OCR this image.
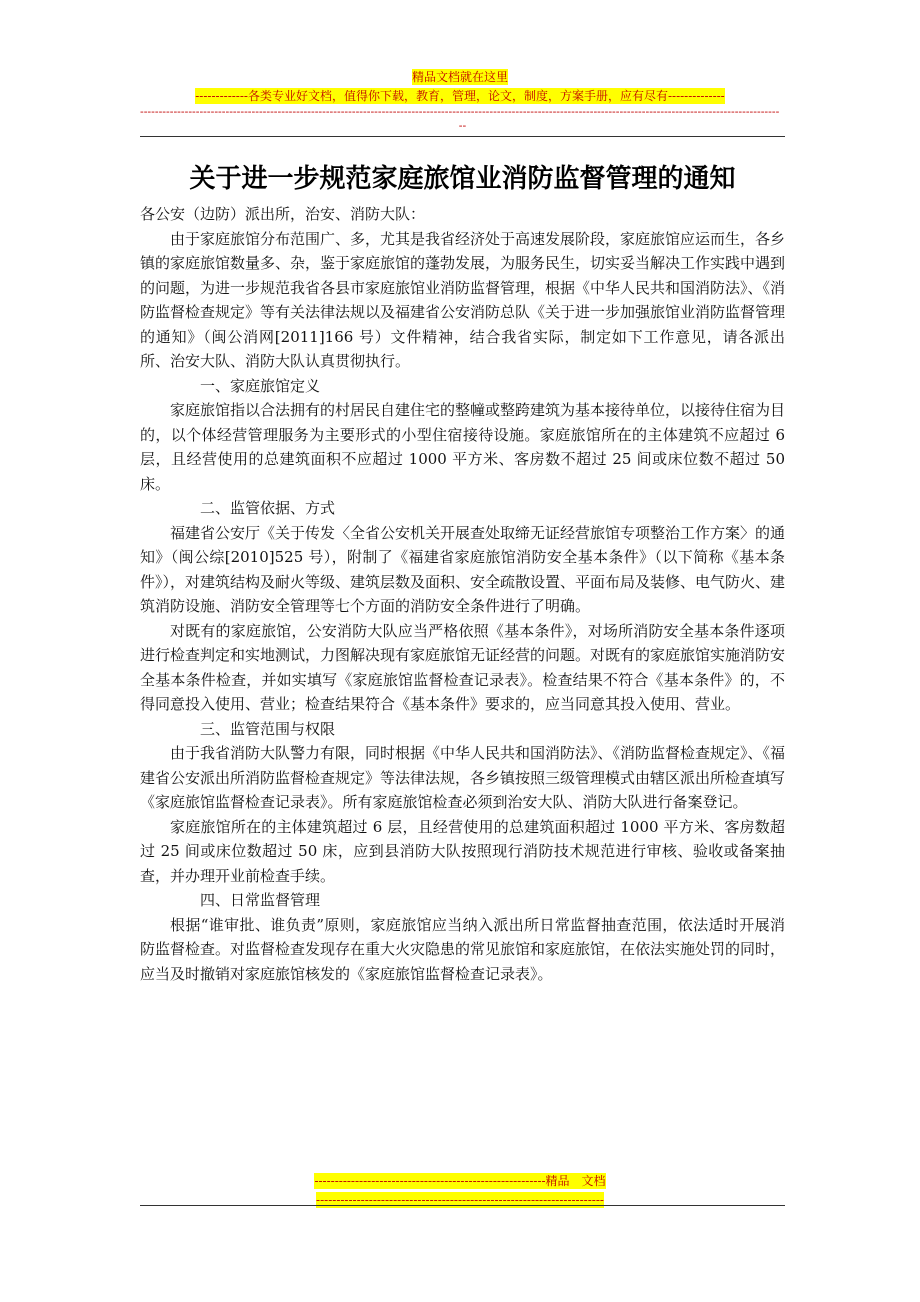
精品文档就在这里
-------------各类专业好文档，值得你下载，教育，管理，论文，制度，方案手册，应有尽有--------------
----------------------------------------------------------------------------------------------------------------------------------------------------------------------------
--
关于进一步规范家庭旅馆业消防监督管理的通知

各公安（边防）派出所，治安、消防大队：

由于家庭旅馆分布范围广、多，尤其是我省经济处于高速发展阶段，家庭旅馆应运而生，各乡镇的家庭旅馆数量多、杂，鉴于家庭旅馆的蓬勃发展，为服务民生，切实妥当解决工作实践中遇到的问题，为进一步规范我省各县市家庭旅馆业消防监督管理，根据《中华人民共和国消防法》、《消防监督检查规定》等有关法律法规以及福建省公安消防总队《关于进一步加强旅馆业消防监督管理的通知》（闽公消网[2011]166 号）文件精神，结合我省实际，制定如下工作意见，请各派出所、治安大队、消防大队认真贯彻执行。

一、家庭旅馆定义

家庭旅馆指以合法拥有的村居民自建住宅的整幢或整跨建筑为基本接待单位，以接待住宿为目的，以个体经营管理服务为主要形式的小型住宿接待设施。家庭旅馆所在的主体建筑不应超过 6 层，且经营使用的总建筑面积不应超过 1000 平方米、客房数不超过 25 间或床位数不超过 50 床。

二、监管依据、方式

福建省公安厅《关于传发〈全省公安机关开展查处取缔无证经营旅馆专项整治工作方案〉的通知》（闽公综[2010]525 号），附制了《福建省家庭旅馆消防安全基本条件》（以下简称《基本条件》），对建筑结构及耐火等级、建筑层数及面积、安全疏散设置、平面布局及装修、电气防火、建筑消防设施、消防安全管理等七个方面的消防安全条件进行了明确。

对既有的家庭旅馆，公安消防大队应当严格依照《基本条件》，对场所消防安全基本条件逐项进行检查判定和实地测试，力图解决现有家庭旅馆无证经营的问题。对既有的家庭旅馆实施消防安全基本条件检查，并如实填写《家庭旅馆监督检查记录表》。检查结果不符合《基本条件》的，不得同意投入使用、营业；检查结果符合《基本条件》要求的，应当同意其投入使用、营业。

三、监管范围与权限

由于我省消防大队警力有限，同时根据《中华人民共和国消防法》、《消防监督检查规定》、《福建省公安派出所消防监督检查规定》等法律法规，各乡镇按照三级管理模式由辖区派出所检查填写《家庭旅馆监督检查记录表》。所有家庭旅馆检查必须到治安大队、消防大队进行备案登记。

家庭旅馆所在的主体建筑超过 6 层，且经营使用的总建筑面积超过 1000 平方米、客房数超过 25 间或床位数超过 50 床，应到县消防大队按照现行消防技术规范进行审核、验收或备案抽查，并办理开业前检查手续。

四、日常监督管理

根据“谁审批、谁负责”原则，家庭旅馆应当纳入派出所日常监督抽查范围，依法适时开展消防监督检查。对监督检查发现存在重大火灾隐患的常见旅馆和家庭旅馆，在依法实施处罚的同时，应当及时撤销对家庭旅馆核发的《家庭旅馆监督检查记录表》。

---------------------------------------------------------精品　文档
-----------------------------------------------------------------------
